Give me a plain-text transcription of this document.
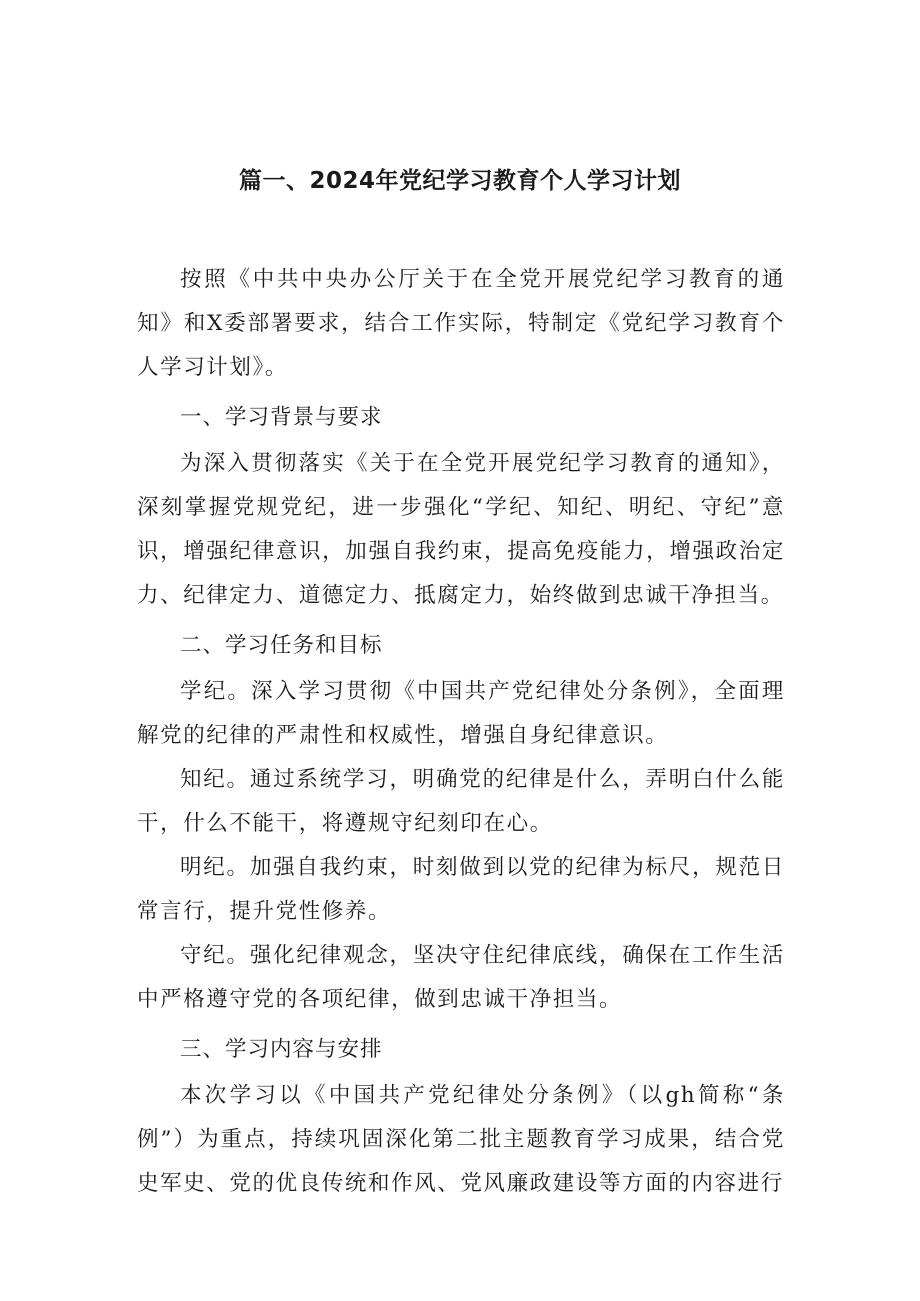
篇一、2024年党纪学习教育个人学习计划

按照《中共中央办公厅关于在全党开展党纪学习教育的通知》和X委部署要求，结合工作实际，特制定《党纪学习教育个人学习计划》。

一、学习背景与要求

为深入贯彻落实《关于在全党开展党纪学习教育的通知》，深刻掌握党规党纪，进一步强化“学纪、知纪、明纪、守纪”意识，增强纪律意识，加强自我约束，提高免疫能力，增强政治定力、纪律定力、道德定力、抵腐定力，始终做到忠诚干净担当。

二、学习任务和目标

学纪。深入学习贯彻《中国共产党纪律处分条例》，全面理解党的纪律的严肃性和权威性，增强自身纪律意识。

知纪。通过系统学习，明确党的纪律是什么，弄明白什么能干，什么不能干，将遵规守纪刻印在心。

明纪。加强自我约束，时刻做到以党的纪律为标尺，规范日常言行，提升党性修养。

守纪。强化纪律观念，坚决守住纪律底线，确保在工作生活中严格遵守党的各项纪律，做到忠诚干净担当。

三、学习内容与安排

本次学习以《中国共产党纪律处分条例》（以gh简称“条例”）为重点，持续巩固深化第二批主题教育学习成果，结合党史军史、党的优良传统和作风、党风廉政建设等方面的内容进行
